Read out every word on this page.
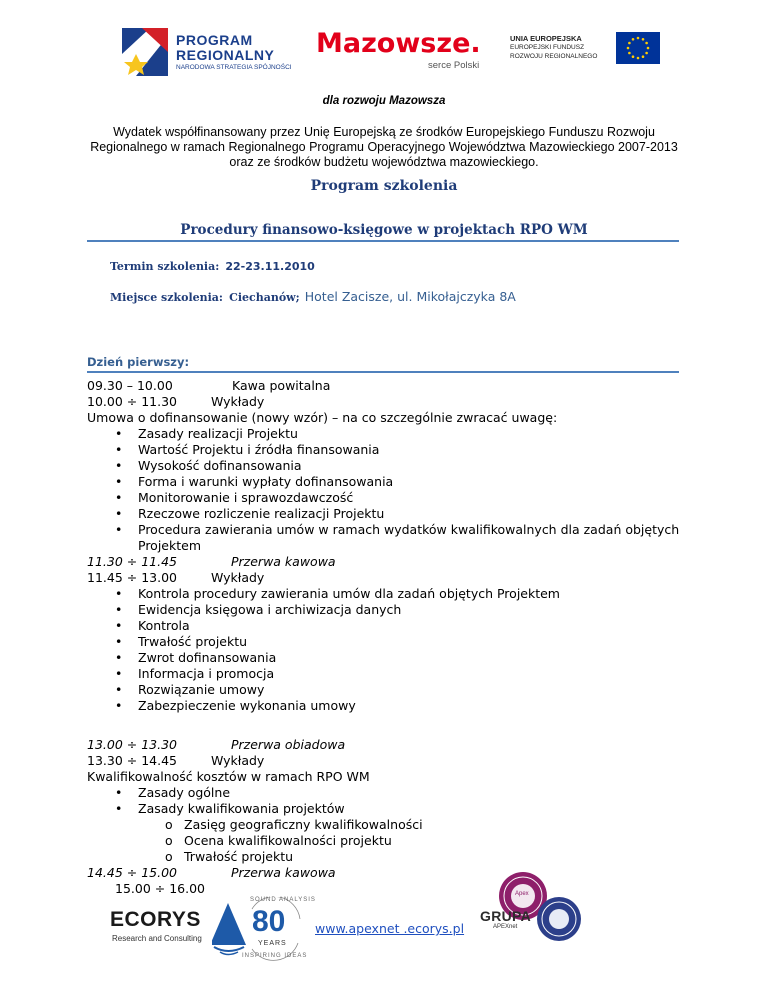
PROGRAM
REGIONALNY
NARODOWA STRATEGIA SPÓJNOŚCI
Mazowsze.
serce Polski
UNIA EUROPEJSKA
EUROPEJSKI FUNDUSZ
ROZWOJU REGIONALNEGO
dla rozwoju Mazowsza
Wydatek współfinansowany przez Unię Europejską ze środków Europejskiego Funduszu Rozwoju
Regionalnego w ramach Regionalnego Programu Operacyjnego Województwa Mazowieckiego 2007-2013
oraz ze środków budżetu województwa mazowieckiego.
Program szkolenia
Procedury finansowo-księgowe w projektach RPO WM
Termin szkolenia: 22-23.11.2010
Miejsce szkolenia: Ciechanów; Hotel Zacisze, ul. Mikołajczyka 8A
Dzień pierwszy:
09.30 – 10.00	Kawa powitalna
10.00 ÷ 11.30	Wykłady
Umowa o dofinansowanie (nowy wzór) – na co szczególnie zwracać uwagę:
• Zasady realizacji Projektu
• Wartość Projektu i źródła finansowania
• Wysokość dofinansowania
• Forma i warunki wypłaty dofinansowania
• Monitorowanie i sprawozdawczość
• Rzeczowe rozliczenie realizacji Projektu
• Procedura zawierania umów w ramach wydatków kwalifikowalnych dla zadań objętych
Projektem
11.30 ÷ 11.45	Przerwa kawowa
11.45 ÷ 13.00	Wykłady
• Kontrola procedury zawierania umów dla zadań objętych Projektem
• Ewidencja księgowa i archiwizacja danych
• Kontrola
• Trwałość projektu
• Zwrot dofinansowania
• Informacja i promocja
• Rozwiązanie umowy
• Zabezpieczenie wykonania umowy
13.00 ÷ 13.30	Przerwa obiadowa
13.30 ÷ 14.45	Wykłady
Kwalifikowalność kosztów w ramach RPO WM
• Zasady ogólne
• Zasady kwalifikowania projektów
o Zasięg geograficzny kwalifikowalności
o Ocena kwalifikowalności projektu
o Trwałość projektu
14.45 ÷ 15.00	Przerwa kawowa
15.00 ÷ 16.00
ECORYS
Research and Consulting
SOUND ANALYSIS
80
YEARS
INSPIRING IDEAS
www.apexnet .ecorys.pl
Apex
GRUPA
APEXnet
